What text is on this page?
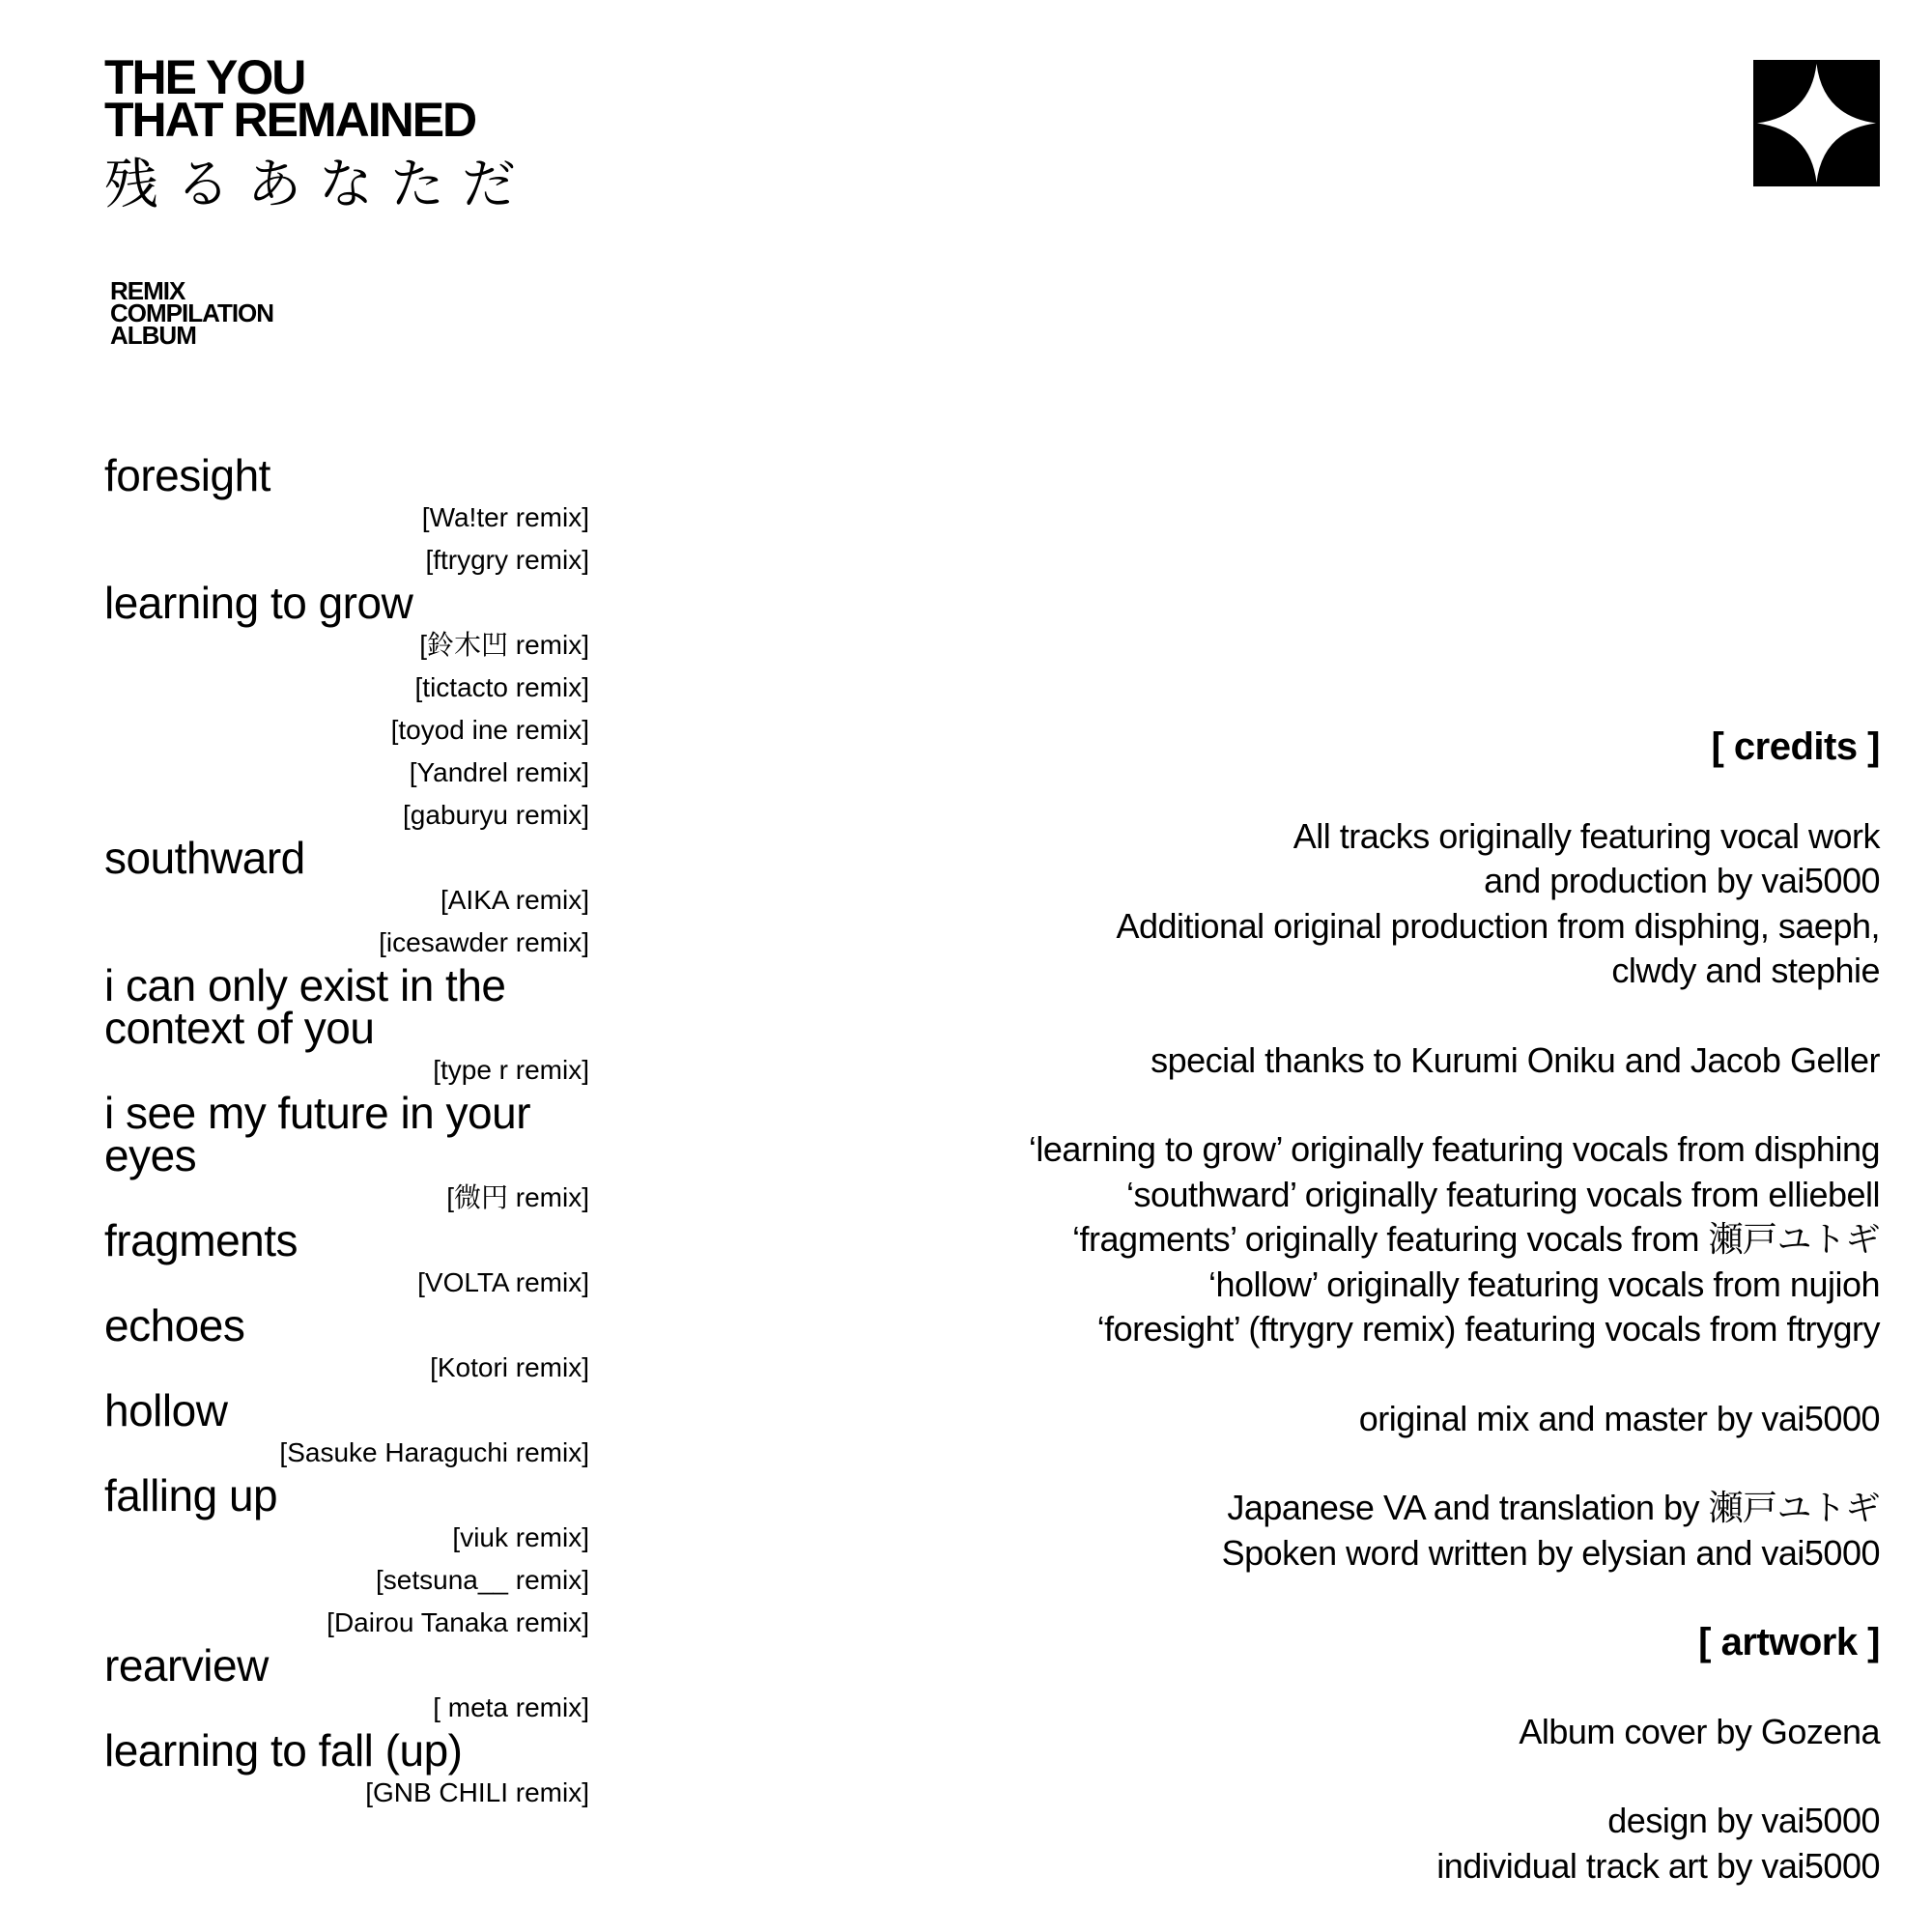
THE YOU
THAT REMAINED
残るあなただ
REMIX
COMPILATION
ALBUM

foresight

[Wa!ter remix]

[ftrygry remix]

learning to grow

[鈴木凹 remix]

[tictacto remix]

[toyod ine remix]

[Yandrel remix]

[gaburyu remix]

southward

[AIKA remix]

[icesawder remix]

i can only exist in the context of you

[type r remix]

i see my future in your eyes

[微円 remix]

fragments

[VOLTA remix]

echoes

[Kotori remix]

hollow

[Sasuke Haraguchi remix]

falling up

[viuk remix]

[setsuna__ remix]

[Dairou Tanaka remix]

rearview

[ meta remix]

learning to fall (up)

[GNB CHILI remix]

[ credits ]

All tracks originally featuring vocal work

and production by vai5000

Additional original production from disphing, saeph,

clwdy and stephie

special thanks to Kurumi Oniku and Jacob Geller

‘learning to grow’ originally featuring vocals from disphing

‘southward’ originally featuring vocals from elliebell

‘fragments’ originally featuring vocals from 瀬戸ユトギ

‘hollow’ originally featuring vocals from nujioh

‘foresight’ (ftrygry remix) featuring vocals from ftrygry

original mix and master by vai5000

Japanese VA and translation by 瀬戸ユトギ

Spoken word written by elysian and vai5000

[ artwork ]

Album cover by Gozena

design by vai5000

individual track art by vai5000
